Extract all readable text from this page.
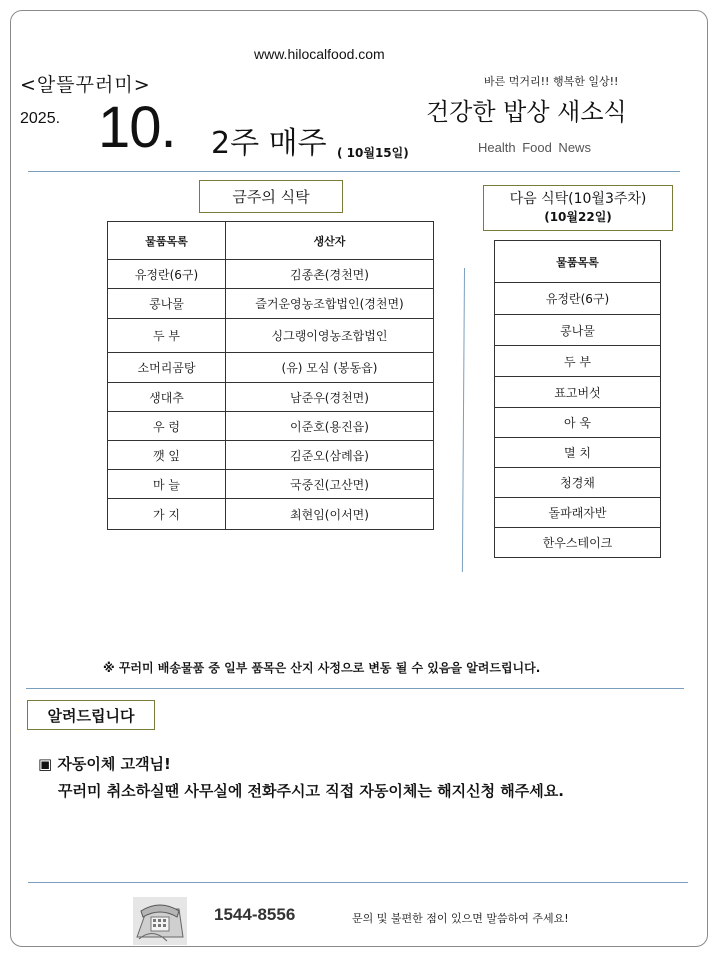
www.hilocalfood.com
<알뜰꾸러미>	바른 먹거리!! 행복한 일상!!
2025. 10. 2주 매주 ( 10월15일)
건강한 밥상 새소식
Health Food News
금주의 식탁
물품목록	생산자
유정란(6구)	김종촌(경천면)
콩나물	즐거운영농조합법인(경천면)
두 부	싱그랭이영농조합법인
소머리곰탕	(유) 모심 (봉동읍)
생대추	남준우(경천면)
우 렁	이준호(용진읍)
깻 잎	김준오(삼례읍)
마 늘	국중진(고산면)
가 지	최현임(이서면)
다음 식탁(10월3주차)
(10월22일)
물품목록
유정란(6구)
콩나물
두 부
표고버섯
아 욱
멸 치
청경채
돌파래자반
한우스테이크
※ 꾸러미 배송물품 중 일부 품목은 산지 사정으로 변동 될 수 있음을 알려드립니다.
알려드립니다
▣ 자동이체 고객님!
꾸러미 취소하실땐 사무실에 전화주시고 직접 자동이체는 해지신청 해주세요.
1544-8556	문의 및 불편한 점이 있으면 말씀하여 주세요!
